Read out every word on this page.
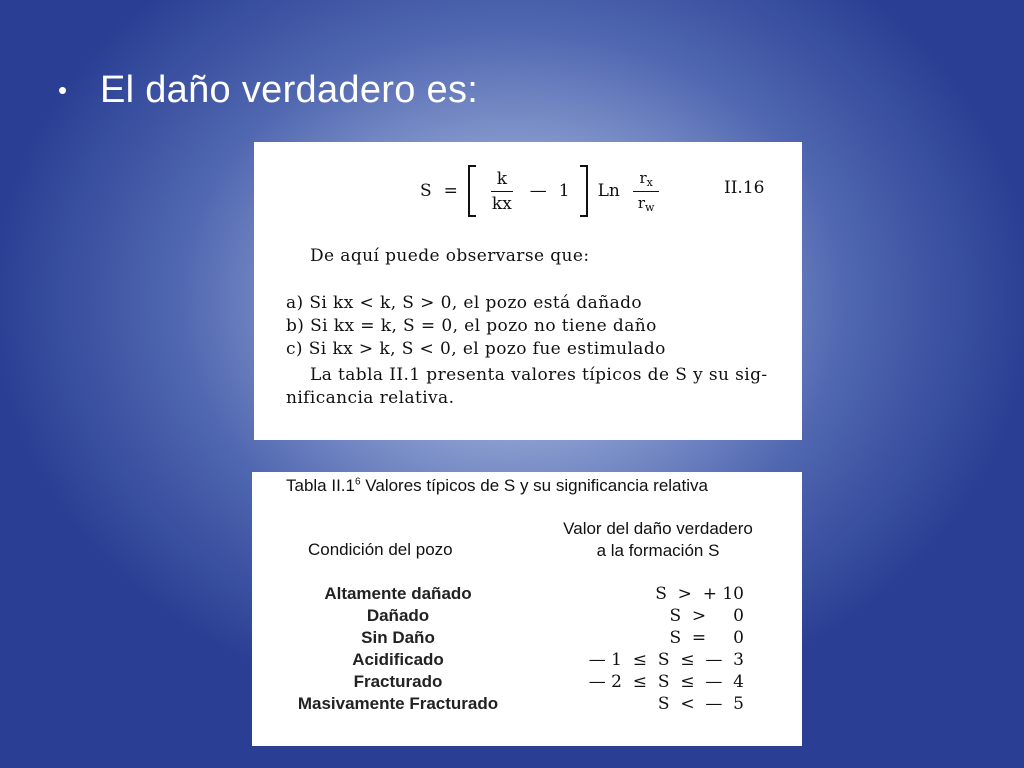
• El daño verdadero es:
$S = \frac{k}{kx}$ — 1 Ln $\frac{r_x}{r_w}$	II.16
De aquí puede observarse que:
a) Si kx < k, S > 0, el pozo está dañado
b) Si kx = k, S = 0, el pozo no tiene daño
c) Si kx > k, S < 0, el pozo fue estimulado
La tabla II.1 presenta valores típicos de S y su sig-
nificancia relativa.
Tabla $II.1^6$ Valores típicos de S y su significancia relativa
Condición del pozo
Valor del daño verdadero
a la formación S
Altamente dañado	S  >  + 10
Dañado	S  >     0
Sin Daño	S  =     0
Acidificado	— 1  ≤  S  ≤  —  3
Fracturado	— 2  ≤  S  ≤  —  4
Masivamente Fracturado	S  <  —  5
